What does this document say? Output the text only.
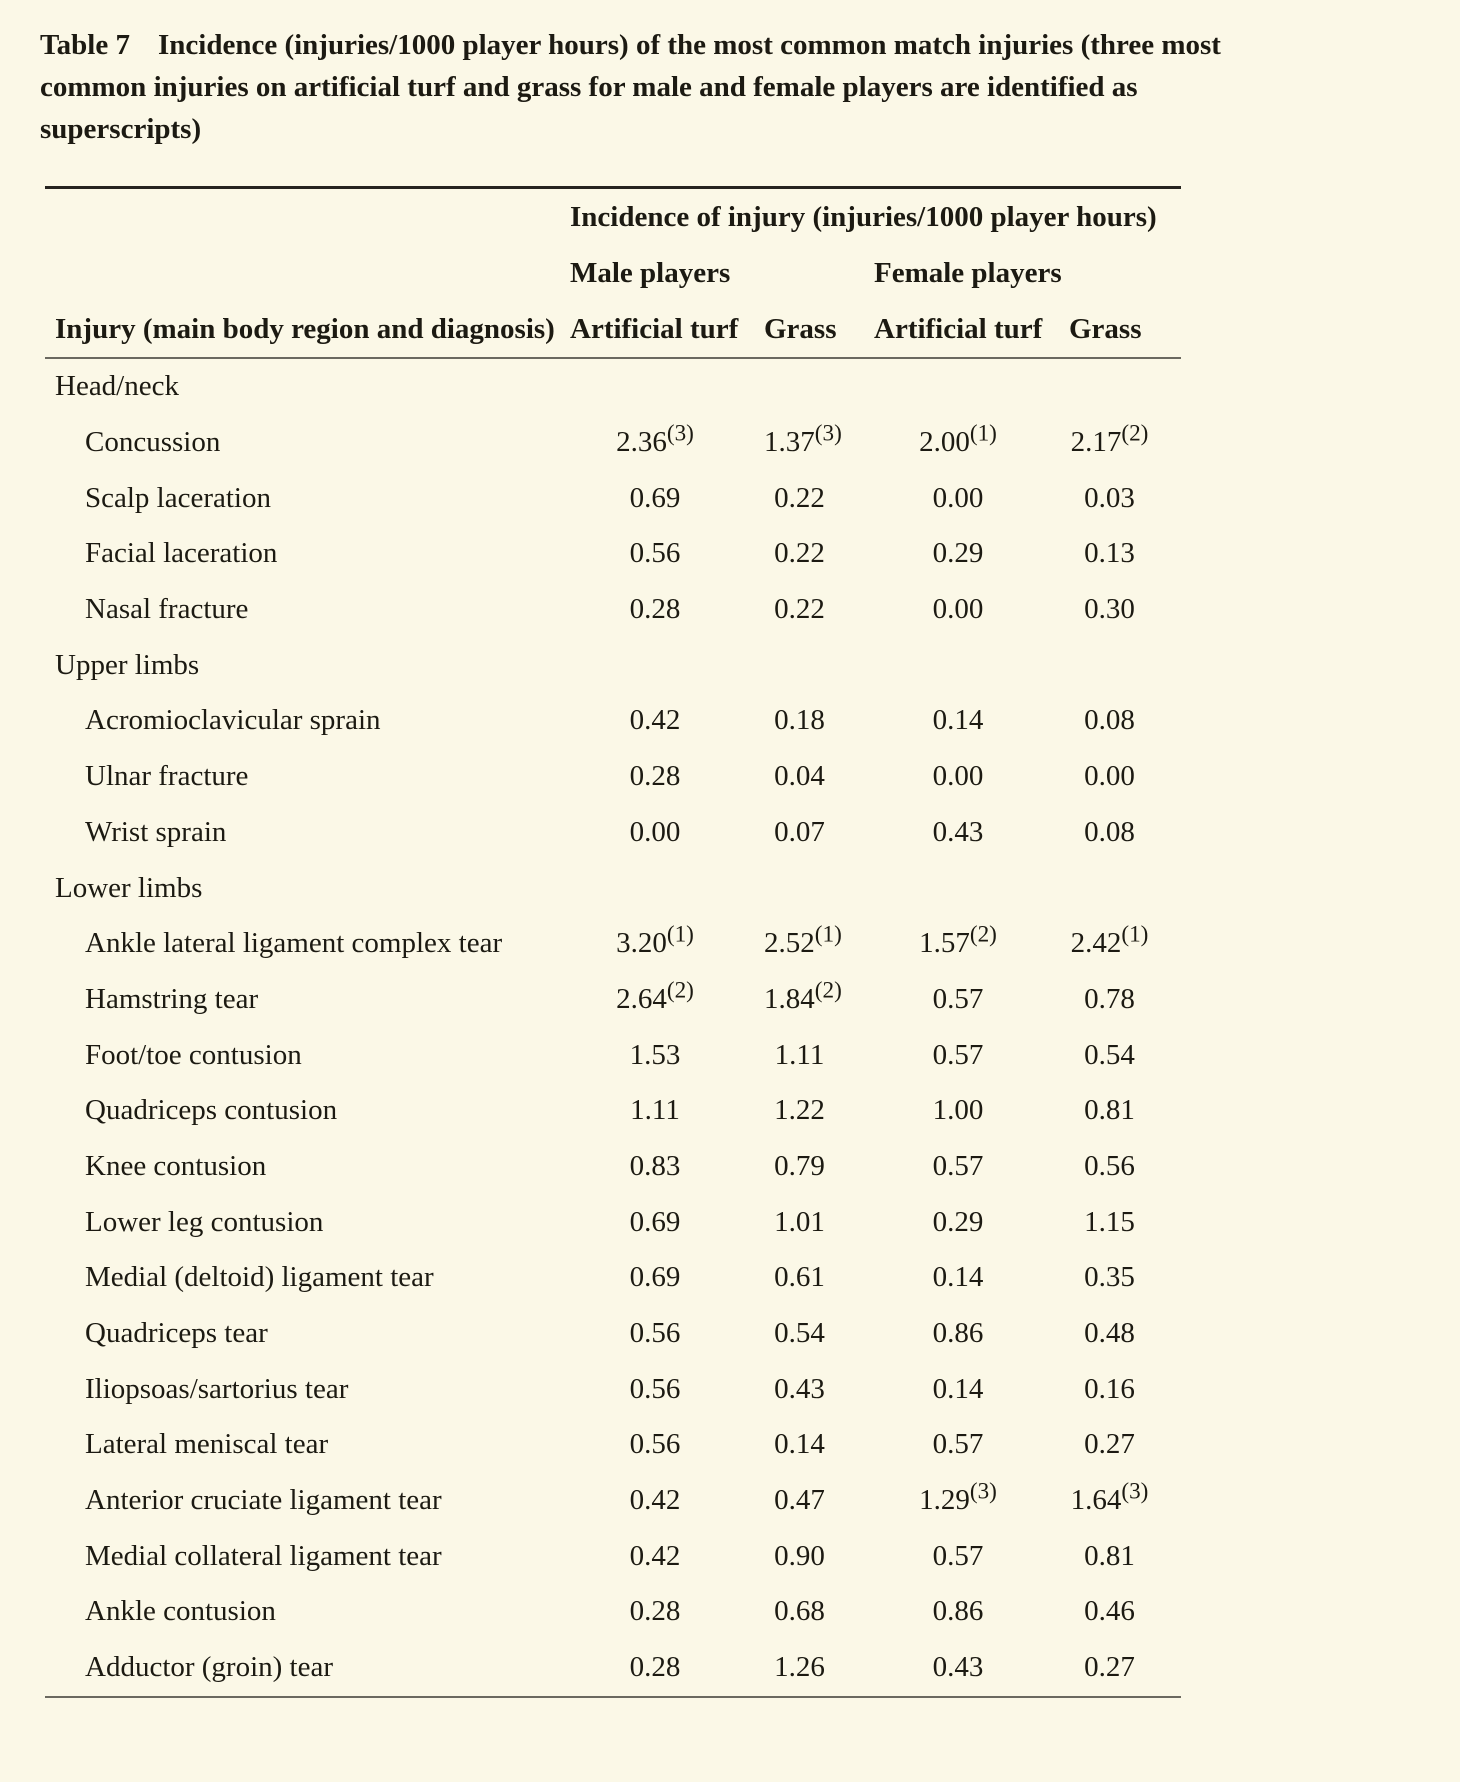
Table 7 Incidence (injuries/1000 player hours) of the most common match injuries (three most common injuries on artificial turf and grass for male and female players are identified as superscripts)

	Incidence of injury (injuries/1000 player hours)			
	Male players		Female players	
Injury (main body region and diagnosis)	Artificial turf	Grass	Artificial turf	Grass
Head/neck				
Concussion	2.36$^{(3)}$	1.37$^{(3)}$	2.00$^{(1)}$	2.17$^{(2)}$
Scalp laceration	0.69	0.22	0.00	0.03
Facial laceration	0.56	0.22	0.29	0.13
Nasal fracture	0.28	0.22	0.00	0.30
Upper limbs				
Acromioclavicular sprain	0.42	0.18	0.14	0.08
Ulnar fracture	0.28	0.04	0.00	0.00
Wrist sprain	0.00	0.07	0.43	0.08
Lower limbs				
Ankle lateral ligament complex tear	3.20$^{(1)}$	2.52$^{(1)}$	1.57$^{(2)}$	2.42$^{(1)}$
Hamstring tear	2.64$^{(2)}$	1.84$^{(2)}$	0.57	0.78
Foot/toe contusion	1.53	1.11	0.57	0.54
Quadriceps contusion	1.11	1.22	1.00	0.81
Knee contusion	0.83	0.79	0.57	0.56
Lower leg contusion	0.69	1.01	0.29	1.15
Medial (deltoid) ligament tear	0.69	0.61	0.14	0.35
Quadriceps tear	0.56	0.54	0.86	0.48
Iliopsoas/sartorius tear	0.56	0.43	0.14	0.16
Lateral meniscal tear	0.56	0.14	0.57	0.27
Anterior cruciate ligament tear	0.42	0.47	1.29$^{(3)}$	1.64$^{(3)}$
Medial collateral ligament tear	0.42	0.90	0.57	0.81
Ankle contusion	0.28	0.68	0.86	0.46
Adductor (groin) tear	0.28	1.26	0.43	0.27
